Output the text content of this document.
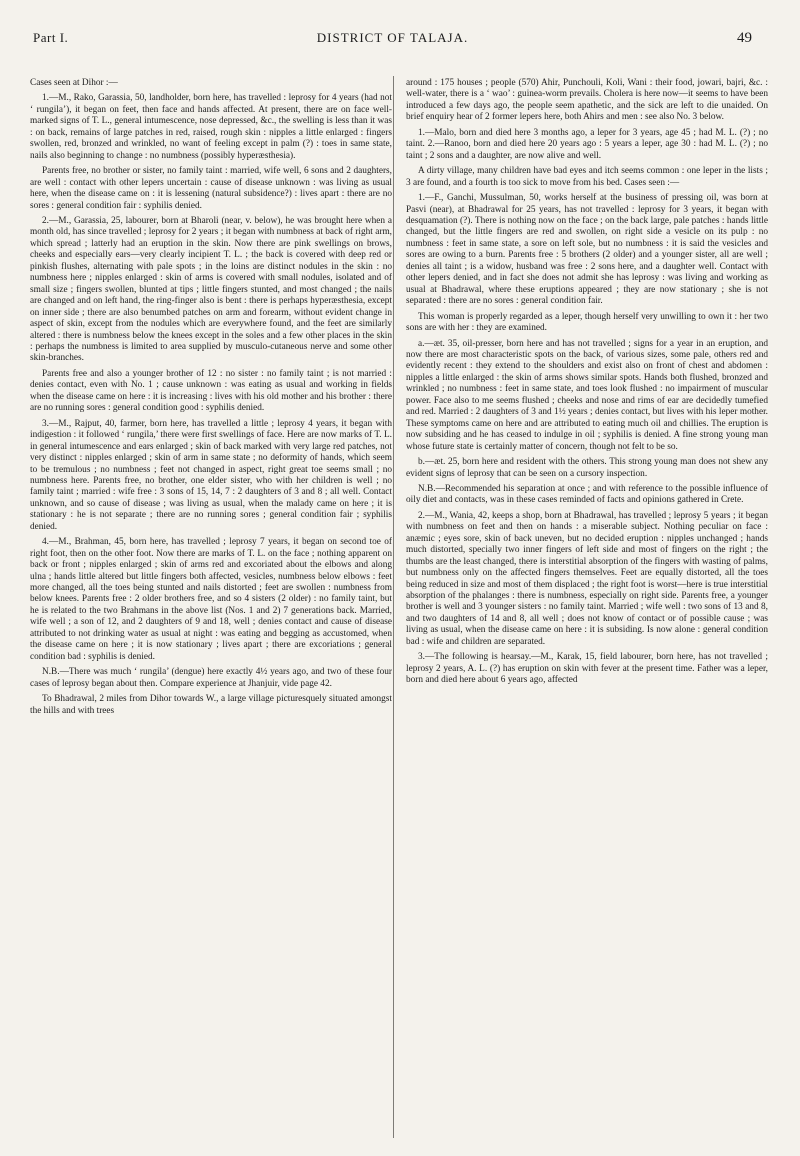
Part I.	DISTRICT OF TALAJA.	49

Cases seen at Dihor :—

1.—M., Rako, Garassia, 50, landholder, born here, has travelled : leprosy for 4 years (had not ‘ rungila’), it began on feet, then face and hands affected. At present, there are on face well-marked signs of T. L., general intumescence, nose depressed, &c., the swelling is less than it was : on back, remains of large patches in red, raised, rough skin : nipples a little enlarged : fingers swollen, red, bronzed and wrinkled, no want of feeling except in palm (?) : toes in same state, nails also beginning to change : no numbness (possibly hyperæsthesia).

Parents free, no brother or sister, no family taint : married, wife well, 6 sons and 2 daughters, are well : contact with other lepers uncertain : cause of disease unknown : was living as usual here, when the disease came on : it is lessening (natural subsidence?) : lives apart : there are no sores : general condition fair : syphilis denied.

2.—M., Garassia, 25, labourer, born at Bharoli (near, v. below), he was brought here when a month old, has since travelled ; leprosy for 2 years ; it began with numbness at back of right arm, which spread ; latterly had an eruption in the skin. Now there are pink swellings on brows, cheeks and especially ears—very clearly incipient T. L. ; the back is covered with deep red or pinkish flushes, alternating with pale spots ; in the loins are distinct nodules in the skin : no numbness here ; nipples enlarged : skin of arms is covered with small nodules, isolated and of small size ; fingers swollen, blunted at tips ; little fingers stunted, and most changed ; the nails are changed and on left hand, the ring-finger also is bent : there is perhaps hyperæsthesia, except on inner side ; there are also benumbed patches on arm and forearm, without evident change in aspect of skin, except from the nodules which are everywhere found, and the feet are similarly altered : there is numbness below the knees except in the soles and a few other places in the skin : perhaps the numbness is limited to area supplied by musculo-cutaneous nerve and some other skin-branches.

Parents free and also a younger brother of 12 : no sister : no family taint ; is not married : denies contact, even with No. 1 ; cause unknown : was eating as usual and working in fields when the disease came on here : it is increasing : lives with his old mother and his brother : there are no running sores : general condition good : syphilis denied.

3.—M., Rajput, 40, farmer, born here, has travelled a little ; leprosy 4 years, it began with indigestion : it followed ‘ rungila,’ there were first swellings of face. Here are now marks of T. L. in general intumescence and ears enlarged ; skin of back marked with very large red patches, not very distinct : nipples enlarged ; skin of arm in same state ; no deformity of hands, which seem to be tremulous ; no numbness ; feet not changed in aspect, right great toe seems small ; no numbness here. Parents free, no brother, one elder sister, who with her children is well ; no family taint ; married : wife free : 3 sons of 15, 14, 7 : 2 daughters of 3 and 8 ; all well. Contact unknown, and so cause of disease ; was living as usual, when the malady came on here ; it is stationary : he is not separate ; there are no running sores ; general condition fair ; syphilis denied.

4.—M., Brahman, 45, born here, has travelled ; leprosy 7 years, it began on second toe of right foot, then on the other foot. Now there are marks of T. L. on the face ; nothing apparent on back or front ; nipples enlarged ; skin of arms red and excoriated about the elbows and along ulna ; hands little altered but little fingers both affected, vesicles, numbness below elbows : feet more changed, all the toes being stunted and nails distorted ; feet are swollen : numbness from below knees. Parents free : 2 older brothers free, and so 4 sisters (2 older) : no family taint, but he is related to the two Brahmans in the above list (Nos. 1 and 2) 7 generations back. Married, wife well ; a son of 12, and 2 daughters of 9 and 18, well ; denies contact and cause of disease attributed to not drinking water as usual at night : was eating and begging as accustomed, when the disease came on here ; it is now stationary ; lives apart ; there are excoriations ; general condition bad : syphilis is denied.

N.B.—There was much ‘ rungila’ (dengue) here exactly 4½ years ago, and two of these four cases of leprosy began about then. Compare experience at Jhanjuir, vide page 42.

To Bhadrawal, 2 miles from Dihor towards W., a large village picturesquely situated amongst the hills and with trees

around : 175 houses ; people (570) Ahir, Punchouli, Koli, Wani : their food, jowari, bajri, &c. : well-water, there is a ‘ wao’ : guinea-worm prevails. Cholera is here now—it seems to have been introduced a few days ago, the people seem apathetic, and the sick are left to die unaided. On brief enquiry hear of 2 former lepers here, both Ahirs and men : see also No. 3 below.

1.—Malo, born and died here 3 months ago, a leper for 3 years, age 45 ; had M. L. (?) ; no taint. 2.—Ranoo, born and died here 20 years ago : 5 years a leper, age 30 : had M. L. (?) ; no taint ; 2 sons and a daughter, are now alive and well.

A dirty village, many children have bad eyes and itch seems common : one leper in the lists ; 3 are found, and a fourth is too sick to move from his bed. Cases seen :—

1.—F., Ganchi, Mussulman, 50, works herself at the business of pressing oil, was born at Pasvi (near), at Bhadrawal for 25 years, has not travelled : leprosy for 3 years, it began with desquamation (?). There is nothing now on the face ; on the back large, pale patches : hands little changed, but the little fingers are red and swollen, on right side a vesicle on its pulp : no numbness : feet in same state, a sore on left sole, but no numbness : it is said the vesicles and sores are owing to a burn. Parents free : 5 brothers (2 older) and a younger sister, all are well ; denies all taint ; is a widow, husband was free : 2 sons here, and a daughter well. Contact with other lepers denied, and in fact she does not admit she has leprosy : was living and working as usual at Bhadrawal, where these eruptions appeared ; they are now stationary ; she is not separated : there are no sores : general condition fair.

This woman is properly regarded as a leper, though herself very unwilling to own it : her two sons are with her : they are examined.

a.—æt. 35, oil-presser, born here and has not travelled ; signs for a year in an eruption, and now there are most characteristic spots on the back, of various sizes, some pale, others red and evidently recent : they extend to the shoulders and exist also on front of chest and abdomen : nipples a little enlarged : the skin of arms shows similar spots. Hands both flushed, bronzed and wrinkled ; no numbness : feet in same state, and toes look flushed : no impairment of muscular power. Face also to me seems flushed ; cheeks and nose and rims of ear are decidedly tumefied and red. Married : 2 daughters of 3 and 1½ years ; denies contact, but lives with his leper mother. These symptoms came on here and are attributed to eating much oil and chillies. The eruption is now subsiding and he has ceased to indulge in oil ; syphilis is denied. A fine strong young man whose future state is certainly matter of concern, though not felt to be so.

b.—æt. 25, born here and resident with the others. This strong young man does not shew any evident signs of leprosy that can be seen on a cursory inspection.

N.B.—Recommended his separation at once ; and with reference to the possible influence of oily diet and contacts, was in these cases reminded of facts and opinions gathered in Crete.

2.—M., Wania, 42, keeps a shop, born at Bhadrawal, has travelled ; leprosy 5 years ; it began with numbness on feet and then on hands : a miserable subject. Nothing peculiar on face : anæmic ; eyes sore, skin of back uneven, but no decided eruption : nipples unchanged ; hands much distorted, specially two inner fingers of left side and most of fingers on the right ; the thumbs are the least changed, there is interstitial absorption of the fingers with wasting of palms, but numbness only on the affected fingers themselves. Feet are equally distorted, all the toes being reduced in size and most of them displaced ; the right foot is worst—here is true interstitial absorption of the phalanges : there is numbness, especially on right side. Parents free, a younger brother is well and 3 younger sisters : no family taint. Married ; wife well : two sons of 13 and 8, and two daughters of 14 and 8, all well ; does not know of contact or of possible cause ; was living as usual, when the disease came on here : it is subsiding. Is now alone : general condition bad : wife and children are separated.

3.—The following is hearsay.—M., Karak, 15, field labourer, born here, has not travelled ; leprosy 2 years, A. L. (?) has eruption on skin with fever at the present time. Father was a leper, born and died here about 6 years ago, affected
